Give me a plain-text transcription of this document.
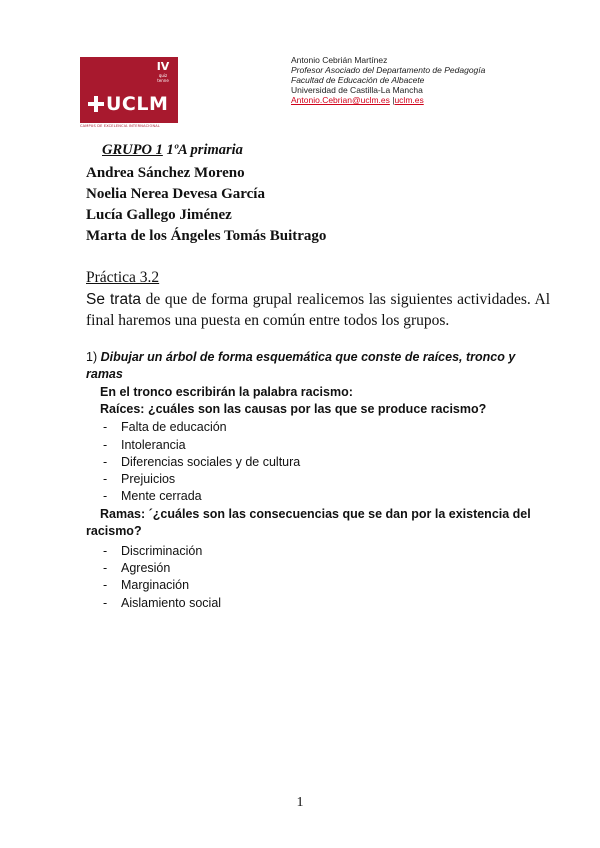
IV
quiz tenne
UCLM
CAMPUS DE EXCELENCIA INTERNACIONAL
Antonio Cebrián Martínez
Profesor Asociado del Departamento de Pedagogía
Facultad de Educación de Albacete
Universidad de Castilla-La Mancha
Antonio.Cebrian@uclm.es |uclm.es
GRUPO 1 1ºA primaria
Andrea Sánchez Moreno
Noelia Nerea Devesa García
Lucía Gallego Jiménez
Marta de los Ángeles Tomás Buitrago
Práctica 3.2
Se trata de que de forma grupal realicemos las siguientes actividades. Al final haremos una puesta en común entre todos los grupos.
1) Dibujar un árbol de forma esquemática que conste de raíces, tronco y ramas
En el tronco escribirán la palabra racismo:
Raíces: ¿cuáles son las causas por las que se produce racismo?
- Falta de educación
- Intolerancia
- Diferencias sociales y de cultura
- Prejuicios
- Mente cerrada
Ramas: ´¿cuáles son las consecuencias que se dan por la existencia del racismo?
- Discriminación
- Agresión
- Marginación
- Aislamiento social
1
